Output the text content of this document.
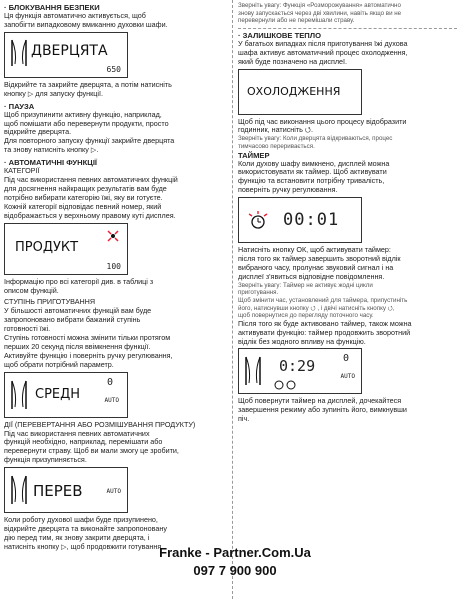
· БЛОКУВАННЯ БЕЗПЕКИ

Ця функція автоматично активується, щоб

запобігти випадковому вмиканню духовки шафи.

ДВЕРЦЯТА
650

Відкрийте та закрийте дверцята, а потім натисніть

кнопку ▷ для запуску функції.

· ПАУЗА

Щоб призупинити активну функцію, наприклад,

щоб помішати або перевернути продукти, просто

відкрийте дверцята.

Для повторного запуску функції закрийте дверцята

та знову натисніть кнопку ▷.

· АВТОМАТИЧНІ ФУНКЦІЇ

КАТЕГОРІЇ

Під час використання певних автоматичних функцій

для досягнення найкращих результатів вам буде

потрібно вибирати категорію їжі, яку ви готуєте.

Кожній категорії відповідає певний номер, який

відображається у верхньому правому куті дисплея.

ПРОДУКТ
100

Інформацію про всі категорії див. в таблиці з

описом функцій.

СТУПІНЬ ПРИГОТУВАННЯ

У більшості автоматичних функцій вам буде

запропоновано вибрати бажаний ступінь

готовності їжі.

Ступінь готовності можна змінити тільки протягом

перших 20 секунд після ввімкнення функції.

Активуйте функцію і поверніть ручку регулювання,

щоб обрати потрібний параметр.

СРЕДН
0
AUTO

ДІЇ (ПЕРЕВЕРТАННЯ АБО РОЗМІШУВАННЯ ПРОДУКТУ)

Під час використання певних автоматичних

функцій необхідно, наприклад, перемішати або

перевернути страву. Щоб ви мали змогу це зробити,

функція призупиняється.

ПЕРЕВ	AUTO

Коли роботу духової шафи буде призупинено,

відкрийте дверцята та виконайте запропоновану

дію перед тим, як знову закрити дверцята, і

натисніть кнопку ▷, щоб продовжити готування.

Зверніть увагу: Функція «Розморожування» автоматично

знову запускається через дві хвилини, навіть якщо ви не

перевернули або не перемішали страву.

· ЗАЛИШКОВЕ ТЕПЛО

У багатьох випадках після приготування їжі духова

шафа активує автоматичний процес охолодження,

який буде позначено на дисплеї.

ОХОЛОДЖЕННЯ

Щоб під час виконання цього процесу відобразити

годинник, натисніть ⭯.

Зверніть увагу: Коли дверцята відкриваються, процес

тимчасово переривається.

ТАЙМЕР

Коли духову шафу вимкнено, дисплей можна

використовувати як таймер. Щоб активувати

функцію та встановити потрібну тривалість,

поверніть ручку регулювання.

00:01

Натисніть кнопку ОК, щоб активувати таймер:

після того як таймер завершить зворотний відлік

вибраного часу, пролунає звуковий сигнал і на

дисплеї з'явиться відповідне повідомлення.

Зверніть увагу: Таймер не активує жодні цикли

приготування.

Щоб змінити час, установлений для таймера, припустиніть

його, натиснувши кнопку ⭯ , і двічі натисніть кнопку ⭯,

щоб повернутися до перегляду поточного часу.

Після того як буде активовано таймер, також можна

активувати функцію: таймер продовжить зворотний

відлік без жодного впливу на функцію.

0:29	0
AUTO

Щоб повернути таймер на дисплей, дочекайтеся

завершення режиму або зупиніть його, вимкнувши

піч.

Franke - Partner.Com.Ua
097 7 900 900
